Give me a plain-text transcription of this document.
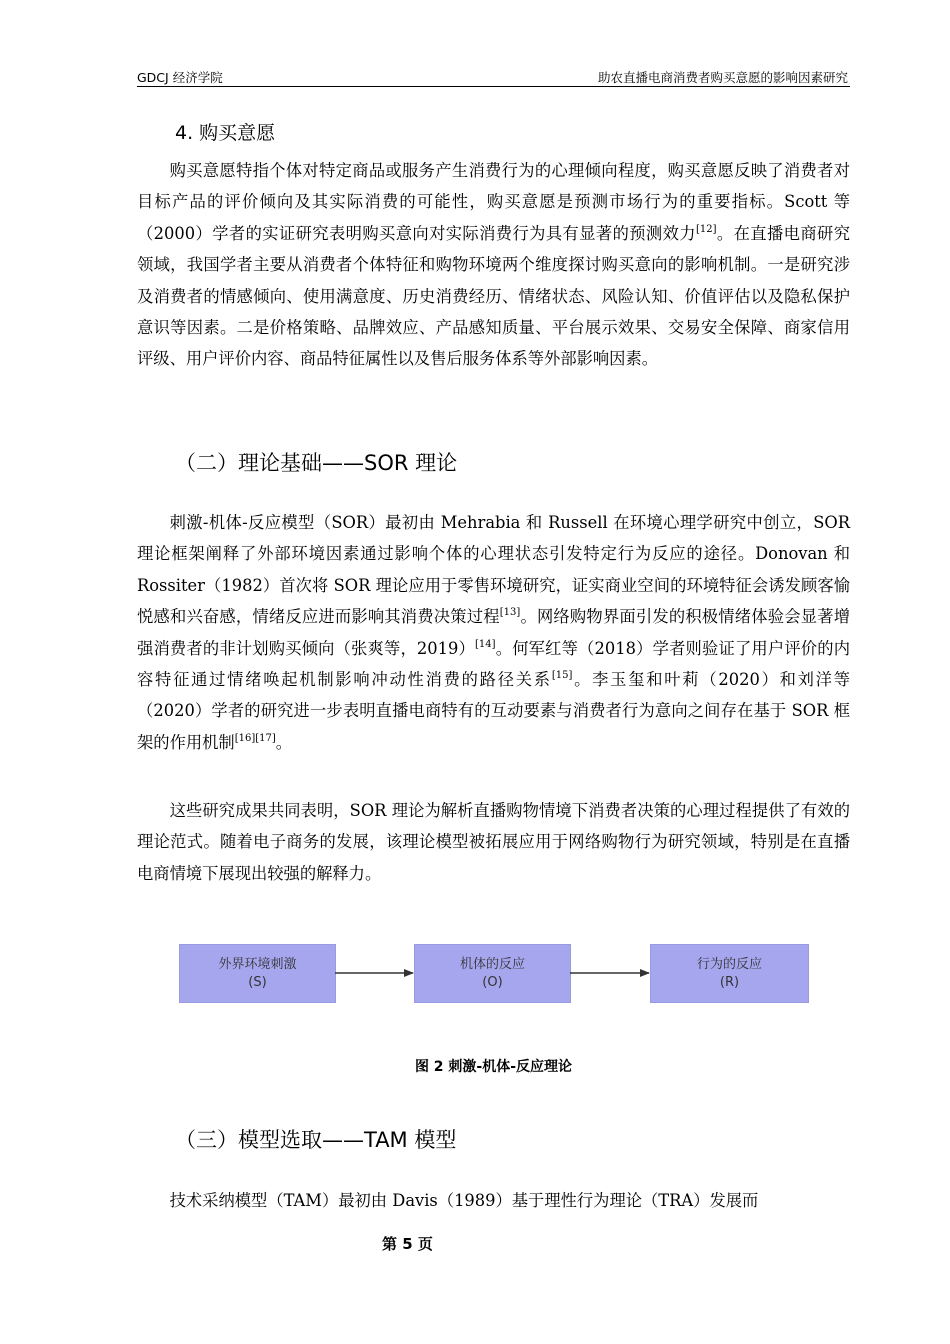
GDCJ 经济学院	助农直播电商消费者购买意愿的影响因素研究
4. 购买意愿

购买意愿特指个体对特定商品或服务产生消费行为的心理倾向程度，购买意愿反映了消费者对目标产品的评价倾向及其实际消费的可能性，购买意愿是预测市场行为的重要指标。Scott 等（2000）学者的实证研究表明购买意向对实际消费行为具有显著的预测效力[12]。在直播电商研究领域，我国学者主要从消费者个体特征和购物环境两个维度探讨购买意向的影响机制。一是研究涉及消费者的情感倾向、使用满意度、历史消费经历、情绪状态、风险认知、价值评估以及隐私保护意识等因素。二是价格策略、品牌效应、产品感知质量、平台展示效果、交易安全保障、商家信用评级、用户评价内容、商品特征属性以及售后服务体系等外部影响因素。

（二）理论基础——SOR 理论

刺激-机体-反应模型（SOR）最初由 Mehrabia 和 Russell 在环境心理学研究中创立，SOR 理论框架阐释了外部环境因素通过影响个体的心理状态引发特定行为反应的途径。Donovan 和 Rossiter（1982）首次将 SOR 理论应用于零售环境研究，证实商业空间的环境特征会诱发顾客愉悦感和兴奋感，情绪反应进而影响其消费决策过程[13]。网络购物界面引发的积极情绪体验会显著增强消费者的非计划购买倾向（张爽等，2019）[14]。何军红等（2018）学者则验证了用户评价的内容特征通过情绪唤起机制影响冲动性消费的路径关系[15]。李玉玺和叶莉（2020）和刘洋等（2020）学者的研究进一步表明直播电商特有的互动要素与消费者行为意向之间存在基于 SOR 框架的作用机制[16][17]。

这些研究成果共同表明，SOR 理论为解析直播购物情境下消费者决策的心理过程提供了有效的理论范式。随着电子商务的发展，该理论模型被拓展应用于网络购物行为研究领域，特别是在直播电商情境下展现出较强的解释力。

外界环境刺激
(S)
机体的反应
(O)
行为的反应
(R)
图 2 刺激-机体-反应理论
（三）模型选取——TAM 模型

技术采纳模型（TAM）最初由 Davis（1989）基于理性行为理论（TRA）发展而

第 5 页
